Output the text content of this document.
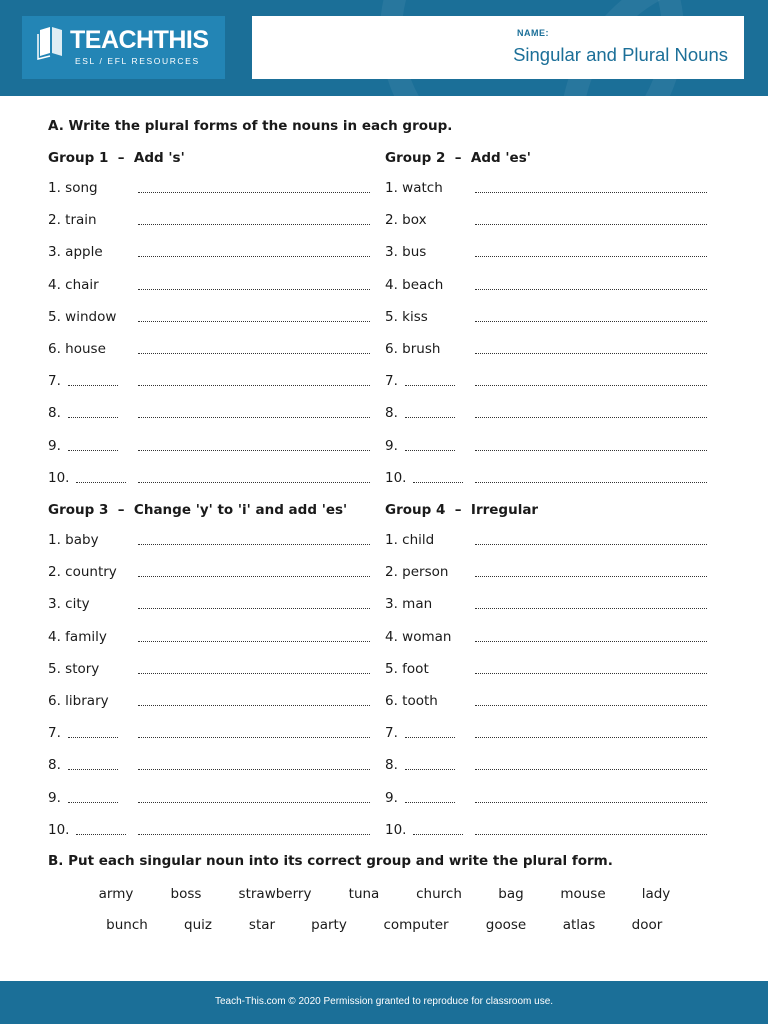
TEACHTHIS
ESL / EFL RESOURCES
NAME:
Singular and Plural Nouns
A. Write the plural forms of the nouns in each group.
Group 1  –  Add 's'
1. song
2. train
3. apple
4. chair
5. window
6. house
7.
8.
9.
10.
Group 2  –  Add 'es'
1. watch
2. box
3. bus
4. beach
5. kiss
6. brush
7.
8.
9.
10.
Group 3  –  Change 'y' to 'i' and add 'es'
1. baby
2. country
3. city
4. family
5. story
6. library
7.
8.
9.
10.
Group 4  –  Irregular
1. child
2. person
3. man
4. woman
5. foot
6. tooth
7.
8.
9.
10.
B. Put each singular noun into its correct group and write the plural form.
army	boss	strawberry	tuna	church	bag	mouse	lady
bunch	quiz	star	party	computer	goose	atlas	door
Teach-This.com © 2020 Permission granted to reproduce for classroom use.
